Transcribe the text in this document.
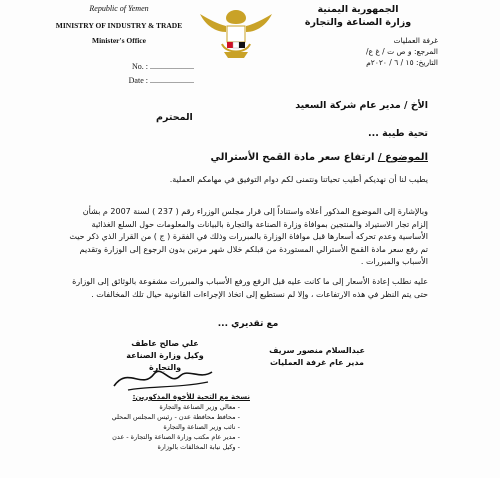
Republic of Yemen
MINISTRY OF INDUSTRY & TRADE
Minister's Office
No. : ......................
Date : ......................
الجمهورية اليمنية
وزارة الصناعة والتجارة
غرفة العمليات
المرجع: و ص ت / غ ع/
التاريخ: ١٥ / ٦ / ٢٠٢٠م
الأخ / مدير عام شركة السعيد
المحترم
تحية طيبة ...
الموضوع / ارتفاع سعر مادة القمح الأسترالي
يطيب لنا أن نهديكم أطيب تحياتنا ونتمنى لكم دوام التوفيق في مهامكم العملية.
وبالإشارة إلى الموضوع المذكور أعلاه واستناداً إلى قرار مجلس الوزراء رقم ( 237 ) لسنة 2007 م بشأن إلزام تجار الاستيراد والمنتجين بموافاة وزارة الصناعة والتجارة بالبيانات والمعلومات حول السلع الغذائية الأساسية وعدم تحركه أسعارها قبل موافاة الوزارة بالمبررات وذلك في الفقرة ( ج ) من القرار الذي ذكر حيث تم رفع سعر مادة القمح الأسترالي المستوردة من قبلكم خلال شهر مرتين بدون الرجوع إلى الوزارة وتقديم الأسباب والمبررات .
عليه نطلب إعادة الأسعار إلى ما كانت عليه قبل الرفع ورفع الأسباب والمبررات مشفوعة بالوثائق إلى الوزارة حتى يتم النظر في هذه الارتفاعات ، وإلا لم نستطيع إلى اتخاذ الإجراءات القانونية حيال تلك المخالفات .
مع تقديري ...
عبدالسلام منصور سريف
مدير عام غرفة العمليات
علي صالح عاطف
وكيل وزارة الصناعة والتجارة
نسخة مع التحية للأخوة المذكورين:
- معالي وزير الصناعة والتجارة
- محافظ محافظة عدن - رئيس المجلس المحلي
- نائب وزير الصناعة والتجارة
- مدير عام مكتب وزارة الصناعة والتجارة - عدن
- وكيل نيابة المخالفات بالوزارة
